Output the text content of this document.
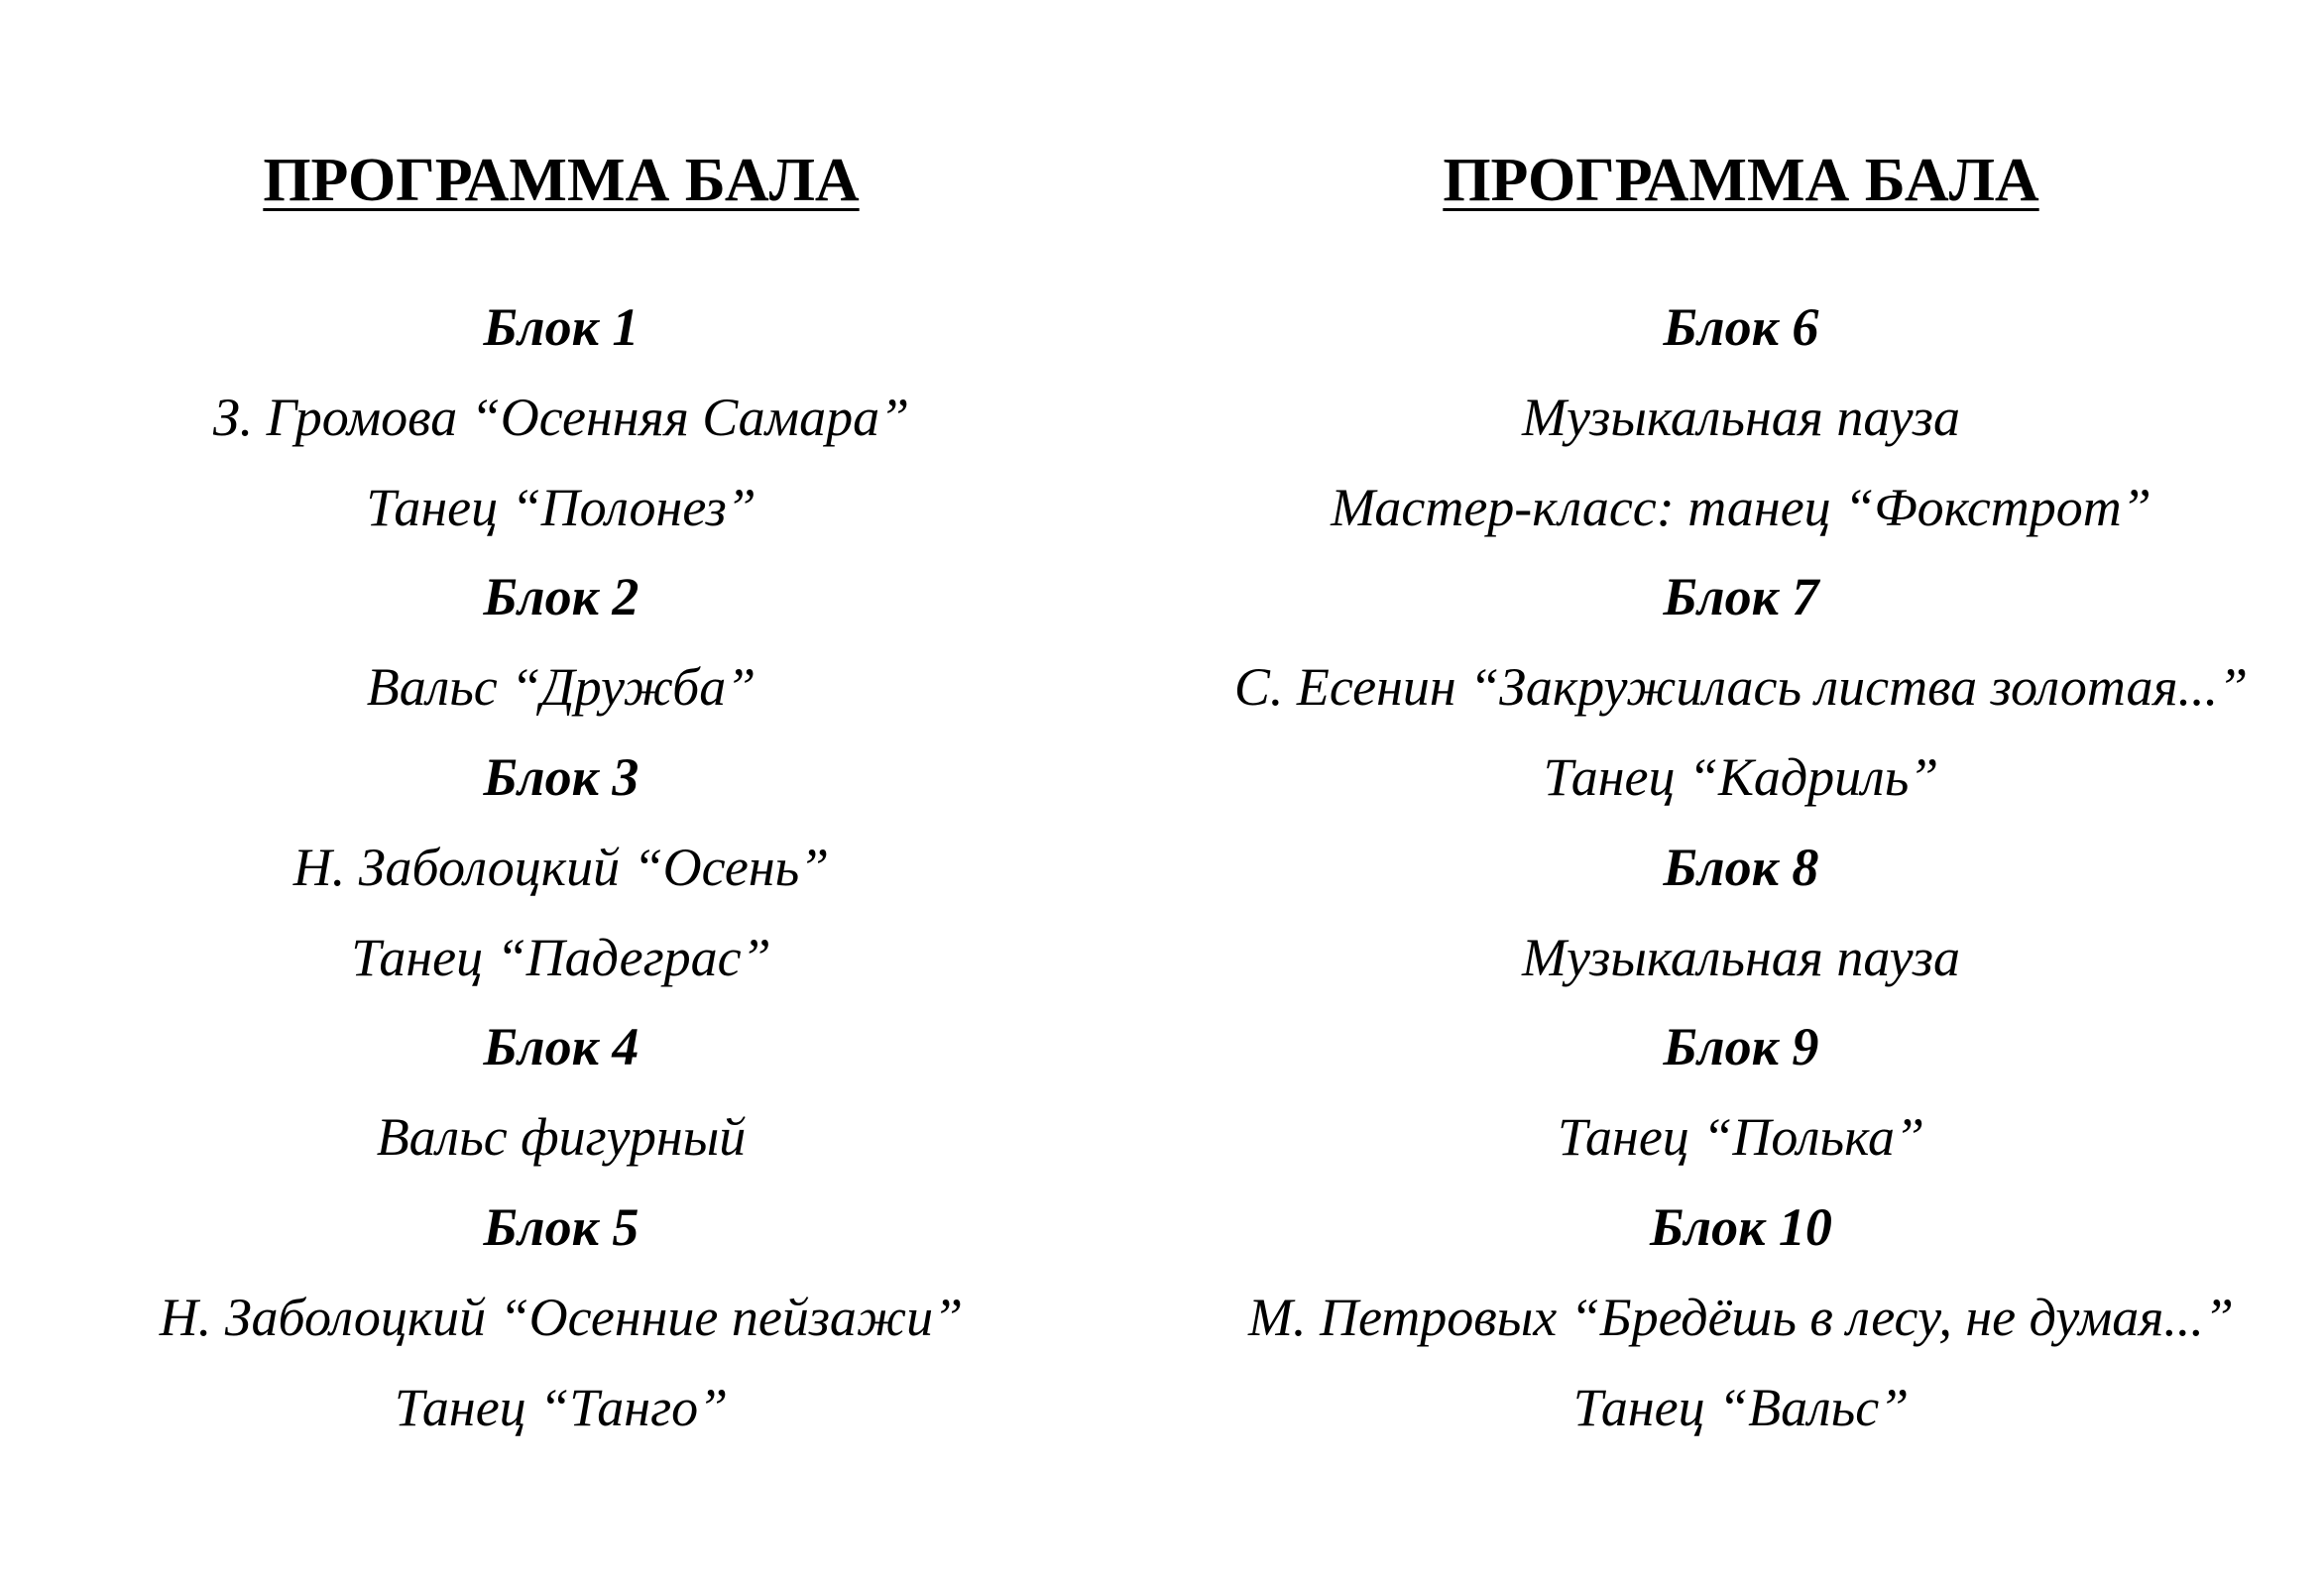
ПРОГРАММА БАЛА
Блок 1
З. Громова “Осенняя Самара”
Танец “Полонез”
Блок 2
Вальс “Дружба”
Блок 3
Н. Заболоцкий “Осень”
Танец “Падеграс”
Блок 4
Вальс фигурный
Блок 5
Н. Заболоцкий “Осенние пейзажи”
Танец “Танго”
ПРОГРАММА БАЛА
Блок 6
Музыкальная пауза
Мастер-класс: танец “Фокстрот”
Блок 7
С. Есенин “Закружилась листва золотая...”
Танец “Кадриль”
Блок 8
Музыкальная пауза
Блок 9
Танец “Полька”
Блок 10
М. Петровых “Бредёшь в лесу, не думая...”
Танец “Вальс”
